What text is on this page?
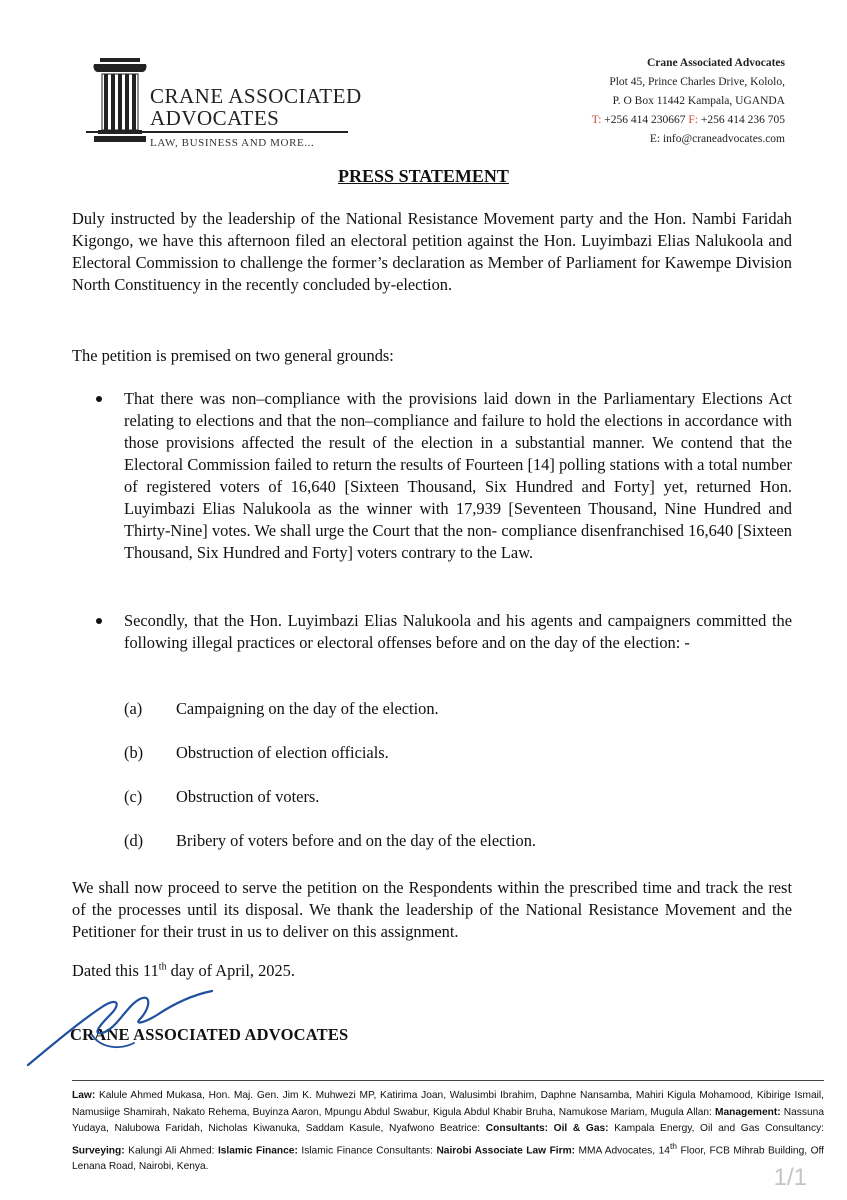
CRANE ASSOCIATED
ADVOCATES
LAW, BUSINESS AND MORE...
Crane Associated Advocates
Plot 45, Prince Charles Drive, Kololo,
P. O Box 11442 Kampala, UGANDA
T: +256 414 230667 F: +256 414 236 705
E: info@craneadvocates.com
PRESS STATEMENT
Duly instructed by the leadership of the National Resistance Movement party and the Hon. Nambi Faridah Kigongo, we have this afternoon filed an electoral petition against the Hon. Luyimbazi Elias Nalukoola and Electoral Commission to challenge the former’s declaration as Member of Parliament for Kawempe Division North Constituency in the recently concluded by-election.
The petition is premised on two general grounds:
That there was non–compliance with the provisions laid down in the Parliamentary Elections Act relating to elections and that the non–compliance and failure to hold the elections in accordance with those provisions affected the result of the election in a substantial manner. We contend that the Electoral Commission failed to return the results of Fourteen [14] polling stations with a total number of registered voters of 16,640 [Sixteen Thousand, Six Hundred and Forty] yet, returned Hon. Luyimbazi Elias Nalukoola as the winner with 17,939 [Seventeen Thousand, Nine Hundred and Thirty-Nine] votes. We shall urge the Court that the non- compliance disenfranchised 16,640 [Sixteen Thousand, Six Hundred and Forty] voters contrary to the Law.
Secondly, that the Hon. Luyimbazi Elias Nalukoola and his agents and campaigners committed the following illegal practices or electoral offenses before and on the day of the election: -
(a) Campaigning on the day of the election.
(b) Obstruction of election officials.
(c) Obstruction of voters.
(d) Bribery of voters before and on the day of the election.
We shall now proceed to serve the petition on the Respondents within the prescribed time and track the rest of the processes until its disposal. We thank the leadership of the National Resistance Movement and the Petitioner for their trust in us to deliver on this assignment.
Dated this 11th day of April, 2025.
CRANE ASSOCIATED ADVOCATES
Law: Kalule Ahmed Mukasa, Hon. Maj. Gen. Jim K. Muhwezi MP, Katirima Joan, Walusimbi Ibrahim, Daphne Nansamba, Mahiri Kigula Mohamood, Kibirige Ismail, Namusiige Shamirah, Nakato Rehema, Buyinza Aaron, Mpungu Abdul Swabur, Kigula Abdul Khabir Bruha, Namukose Mariam, Mugula Allan: Management: Nassuna Yudaya, Nalubowa Faridah, Nicholas Kiwanuka, Saddam Kasule, Nyafwono Beatrice: Consultants: Oil & Gas: Kampala Energy, Oil and Gas Consultancy: Surveying: Kalungi Ali Ahmed: Islamic Finance: Islamic Finance Consultants: Nairobi Associate Law Firm: MMA Advocates, 14th Floor, FCB Mihrab Building, Off Lenana Road, Nairobi, Kenya.	1/1
